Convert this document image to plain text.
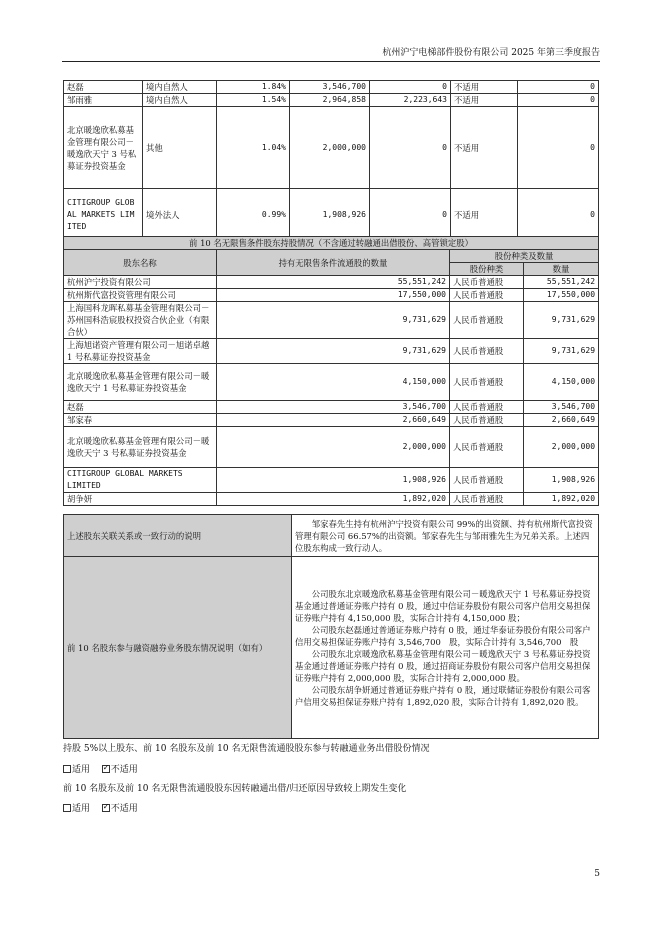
杭州沪宁电梯部件股份有限公司 2025 年第三季度报告
赵磊	境内自然人	1.84%	3,546,700	0	不适用	0
邹雨雅	境内自然人	1.54%	2,964,858	2,223,643	不适用	0
北京暖逸欣私募基金管理有限公司－暖逸欣天宁 3 号私募证券投资基金	其他	1.04%	2,000,000	0	不适用	0
CITIGROUP GLOBAL MARKETS LIMITED	境外法人	0.99%	1,908,926	0	不适用	0
前 10 名无限售条件股东持股情况（不含通过转融通出借股份、高管锁定股）			
股东名称	持有无限售条件流通股的数量	股份种类及数量	
		股份种类	数量
杭州沪宁投资有限公司	55,551,242	人民币普通股	55,551,242
杭州斯代富投资管理有限公司	17,550,000	人民币普通股	17,550,000
上海国科龙晖私募基金管理有限公司－苏州国科浩宸股权投资合伙企业（有限合伙）	9,731,629	人民币普通股	9,731,629
上海旭诺资产管理有限公司－旭诺卓越 1 号私募证券投资基金	9,731,629	人民币普通股	9,731,629
北京暖逸欣私募基金管理有限公司－暖逸欣天宁 1 号私募证券投资基金	4,150,000	人民币普通股	4,150,000
赵磊	3,546,700	人民币普通股	3,546,700
邹家春	2,660,649	人民币普通股	2,660,649
北京暖逸欣私募基金管理有限公司－暖逸欣天宁 3 号私募证券投资基金	2,000,000	人民币普通股	2,000,000
CITIGROUP GLOBAL MARKETS LIMITED	1,908,926	人民币普通股	1,908,926
胡争妍	1,892,020	人民币普通股	1,892,020
上述股东关联关系或一致行动的说明	邹家春先生持有杭州沪宁投资有限公司 99%的出资额、持有杭州斯代富投资管理有限公司 66.57%的出资额。邹家春先生与邹雨雅先生为兄弟关系。上述四位股东构成一致行动人。

前 10 名股东参与融资融券业务股东情况说明（如有）	公司股东北京暖逸欣私募基金管理有限公司－暖逸欣天宁 1 号私募证券投资基金通过普通证券账户持有 0 股，通过中信证券股份有限公司客户信用交易担保证券账户持有 4,150,000 股，实际合计持有 4,150,000 股；

公司股东赵磊通过普通证券账户持有 0 股，通过华泰证券股份有限公司客户信用交易担保证券账户持有 3,546,700　股，实际合计持有 3,546,700　股

公司股东北京暖逸欣私募基金管理有限公司－暖逸欣天宁 3 号私募证券投资基金通过普通证券账户持有 0 股，通过招商证券股份有限公司客户信用交易担保证券账户持有 2,000,000 股，实际合计持有 2,000,000 股。

公司股东胡争妍通过普通证券账户持有 0 股，通过联储证券股份有限公司客户信用交易担保证券账户持有 1,892,020 股，实际合计持有 1,892,020 股。

持股 5%以上股东、前 10 名股东及前 10 名无限售流通股股东参与转融通业务出借股份情况
适用 ✓ 不适用
前 10 名股东及前 10 名无限售流通股股东因转融通出借/归还原因导致较上期发生变化
适用 ✓ 不适用
5
